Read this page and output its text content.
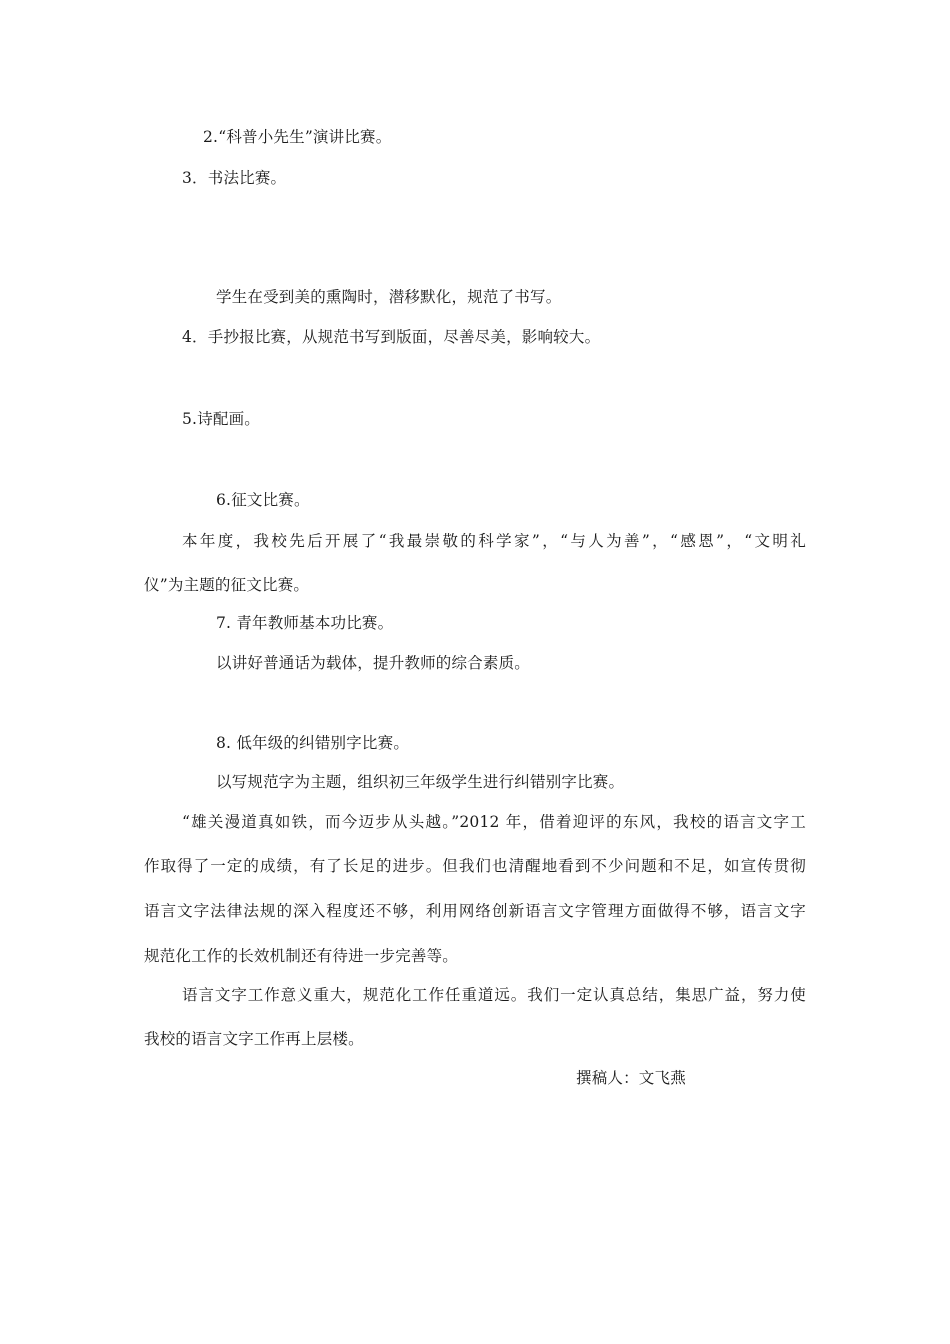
2.“科普小先生”演讲比赛。
3．书法比赛。
学生在受到美的熏陶时，潜移默化，规范了书写。
4．手抄报比赛，从规范书写到版面，尽善尽美，影响较大。
5.诗配画。
6.征文比赛。
本年度，我校先后开展了“我最崇敬的科学家”，“与人为善”，“感恩”，“文明礼
仪”为主题的征文比赛。
7. 青年教师基本功比赛。
以讲好普通话为载体，提升教师的综合素质。
8. 低年级的纠错别字比赛。
以写规范字为主题，组织初三年级学生进行纠错别字比赛。
“雄关漫道真如铁，而今迈步从头越。”2012 年，借着迎评的东风，我校的语言文字工
作取得了一定的成绩，有了长足的进步。但我们也清醒地看到不少问题和不足，如宣传贯彻
语言文字法律法规的深入程度还不够，利用网络创新语言文字管理方面做得不够，语言文字
规范化工作的长效机制还有待进一步完善等。
语言文字工作意义重大，规范化工作任重道远。我们一定认真总结，集思广益，努力使
我校的语言文字工作再上层楼。
撰稿人：文飞燕
